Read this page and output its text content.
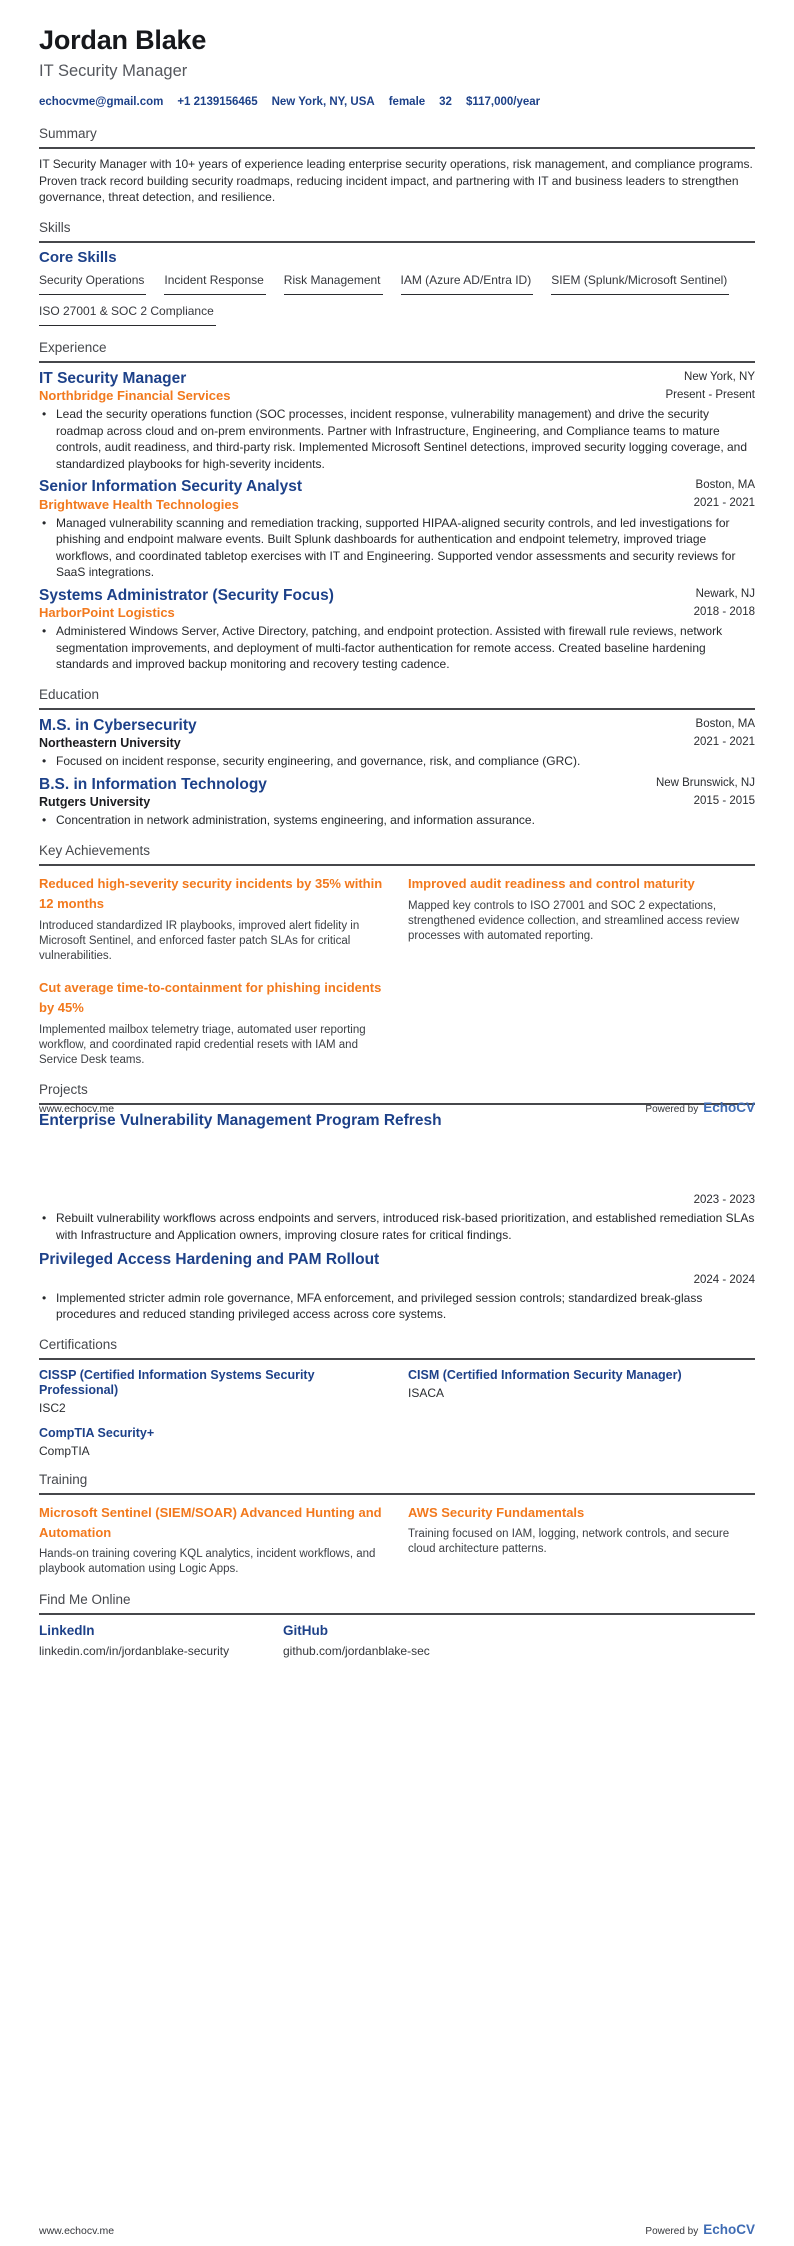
Jordan Blake
IT Security Manager
echocvme@gmail.com +1 2139156465 New York, NY, USA female 32 $117,000/year
Summary
IT Security Manager with 10+ years of experience leading enterprise security operations, risk management, and compliance programs. Proven track record building security roadmaps, reducing incident impact, and partnering with IT and business leaders to strengthen governance, threat detection, and resilience.
Skills
Core Skills
Security Operations Incident Response Risk Management IAM (Azure AD/Entra ID) SIEM (Splunk/Microsoft Sentinel)
ISO 27001 & SOC 2 Compliance
Experience
IT Security Manager
Northbridge Financial Services
New York, NY
Present - Present
• Lead the security operations function (SOC processes, incident response, vulnerability management) and drive the security roadmap across cloud and on-prem environments. Partner with Infrastructure, Engineering, and Compliance teams to mature controls, audit readiness, and third-party risk. Implemented Microsoft Sentinel detections, improved security logging coverage, and standardized playbooks for high-severity incidents.
Senior Information Security Analyst
Brightwave Health Technologies
Boston, MA
2021 - 2021
• Managed vulnerability scanning and remediation tracking, supported HIPAA-aligned security controls, and led investigations for phishing and endpoint malware events. Built Splunk dashboards for authentication and endpoint telemetry, improved triage workflows, and coordinated tabletop exercises with IT and Engineering. Supported vendor assessments and security reviews for SaaS integrations.
Systems Administrator (Security Focus)
HarborPoint Logistics
Newark, NJ
2018 - 2018
• Administered Windows Server, Active Directory, patching, and endpoint protection. Assisted with firewall rule reviews, network segmentation improvements, and deployment of multi-factor authentication for remote access. Created baseline hardening standards and improved backup monitoring and recovery testing cadence.
Education
M.S. in Cybersecurity
Northeastern University
Boston, MA
2021 - 2021
• Focused on incident response, security engineering, and governance, risk, and compliance (GRC).
B.S. in Information Technology
Rutgers University
New Brunswick, NJ
2015 - 2015
• Concentration in network administration, systems engineering, and information assurance.
Key Achievements
Reduced high-severity security incidents by 35% within 12 months
Introduced standardized IR playbooks, improved alert fidelity in Microsoft Sentinel, and enforced faster patch SLAs for critical vulnerabilities.
Cut average time-to-containment for phishing incidents by 45%
Implemented mailbox telemetry triage, automated user reporting workflow, and coordinated rapid credential resets with IAM and Service Desk teams.
Improved audit readiness and control maturity
Mapped key controls to ISO 27001 and SOC 2 expectations, strengthened evidence collection, and streamlined access review processes with automated reporting.
Projects
Enterprise Vulnerability Management Program Refresh
2023 - 2023
• Rebuilt vulnerability workflows across endpoints and servers, introduced risk-based prioritization, and established remediation SLAs with Infrastructure and Application owners, improving closure rates for critical findings.
Privileged Access Hardening and PAM Rollout
2024 - 2024
• Implemented stricter admin role governance, MFA enforcement, and privileged session controls; standardized break-glass procedures and reduced standing privileged access across core systems.
Certifications
CISSP (Certified Information Systems Security Professional)
ISC2
CISM (Certified Information Security Manager)
ISACA
CompTIA Security+
CompTIA
Training
Microsoft Sentinel (SIEM/SOAR) Advanced Hunting and Automation
Hands-on training covering KQL analytics, incident workflows, and playbook automation using Logic Apps.
AWS Security Fundamentals
Training focused on IAM, logging, network controls, and secure cloud architecture patterns.
Find Me Online
LinkedIn
linkedin.com/in/jordanblake-security
GitHub
github.com/jordanblake-sec
www.echocv.me	Powered by EchoCV
www.echocv.me	Powered by EchoCV
